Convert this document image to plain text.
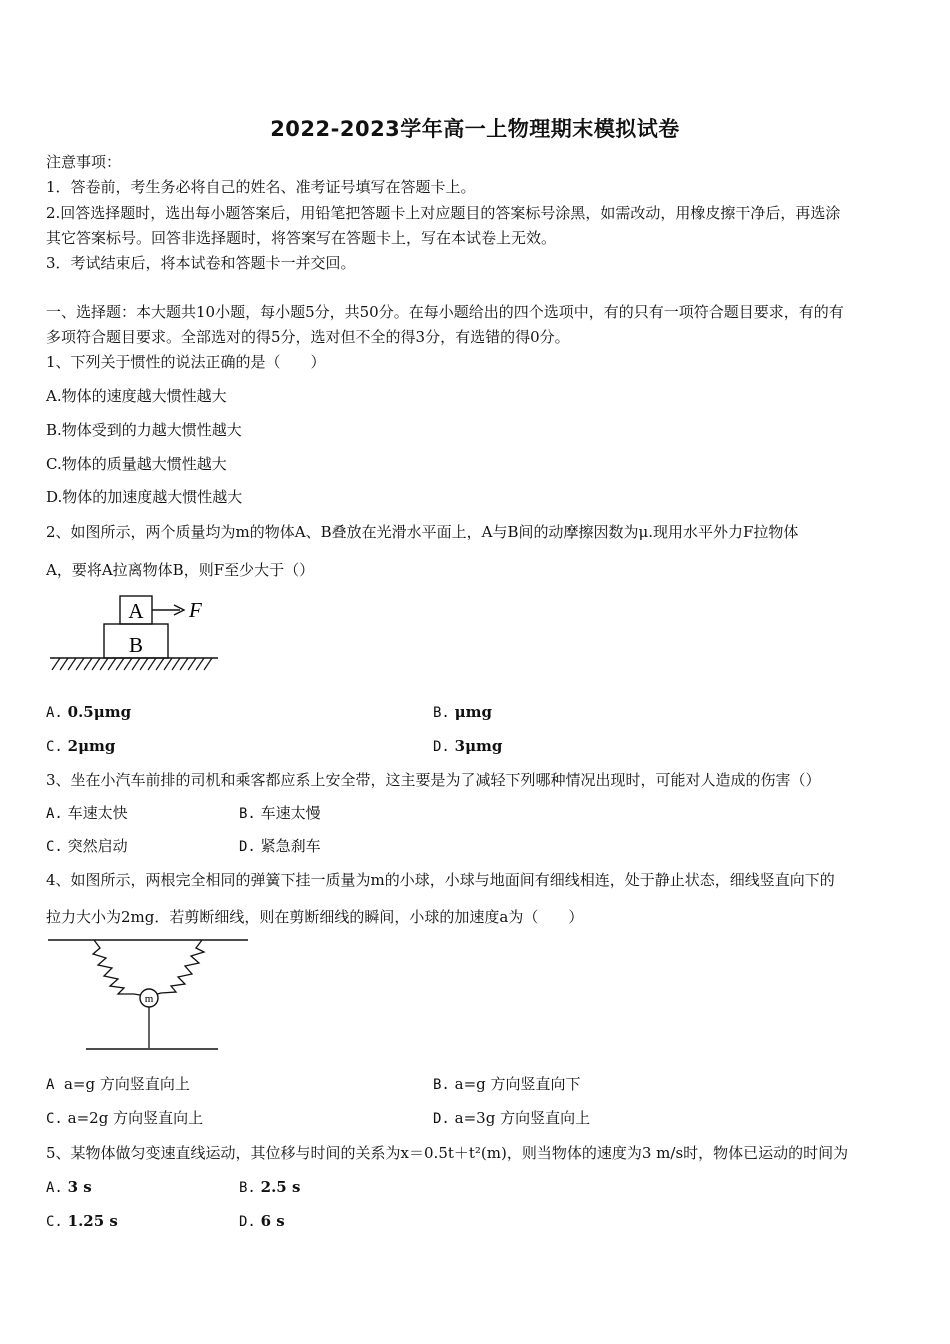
2022-2023学年高一上物理期末模拟试卷
注意事项：
1．答卷前，考生务必将自己的姓名、准考证号填写在答题卡上。
2.回答选择题时，选出每小题答案后，用铅笔把答题卡上对应题目的答案标号涂黑，如需改动，用橡皮擦干净后，再选涂
其它答案标号。回答非选择题时，将答案写在答题卡上，写在本试卷上无效。
3．考试结束后，将本试卷和答题卡一并交回。
一、选择题：本大题共10小题，每小题5分，共50分。在每小题给出的四个选项中，有的只有一项符合题目要求，有的有
多项符合题目要求。全部选对的得5分，选对但不全的得3分，有选错的得0分。
1、下列关于惯性的说法正确的是（　　）
A.物体的速度越大惯性越大
B.物体受到的力越大惯性越大
C.物体的质量越大惯性越大
D.物体的加速度越大惯性越大
2、如图所示，两个质量均为m的物体A、B叠放在光滑水平面上，A与B间的动摩擦因数为μ.现用水平外力F拉物体
A，要将A拉离物体B，则F至少大于（）
A
B
F
A. 0.5μmg	B. μmg
C. 2μmg	D. 3μmg
3、坐在小汽车前排的司机和乘客都应系上安全带，这主要是为了减轻下列哪种情况出现时，可能对人造成的伤害（）
A. 车速太快	B. 车速太慢
C. 突然启动	D. 紧急刹车
4、如图所示，两根完全相同的弹簧下挂一质量为m的小球，小球与地面间有细线相连，处于静止状态，细线竖直向下的
拉力大小为2mg．若剪断细线，则在剪断细线的瞬间，小球的加速度a为（　　）
m
A a=g 方向竖直向上	B. a=g 方向竖直向下
C. a=2g 方向竖直向上	D. a=3g 方向竖直向上
5、某物体做匀变速直线运动，其位移与时间的关系为x＝0.5t＋t²(m)，则当物体的速度为3 m/s时，物体已运动的时间为
A. 3 s	B. 2.5 s
C. 1.25 s	D. 6 s
